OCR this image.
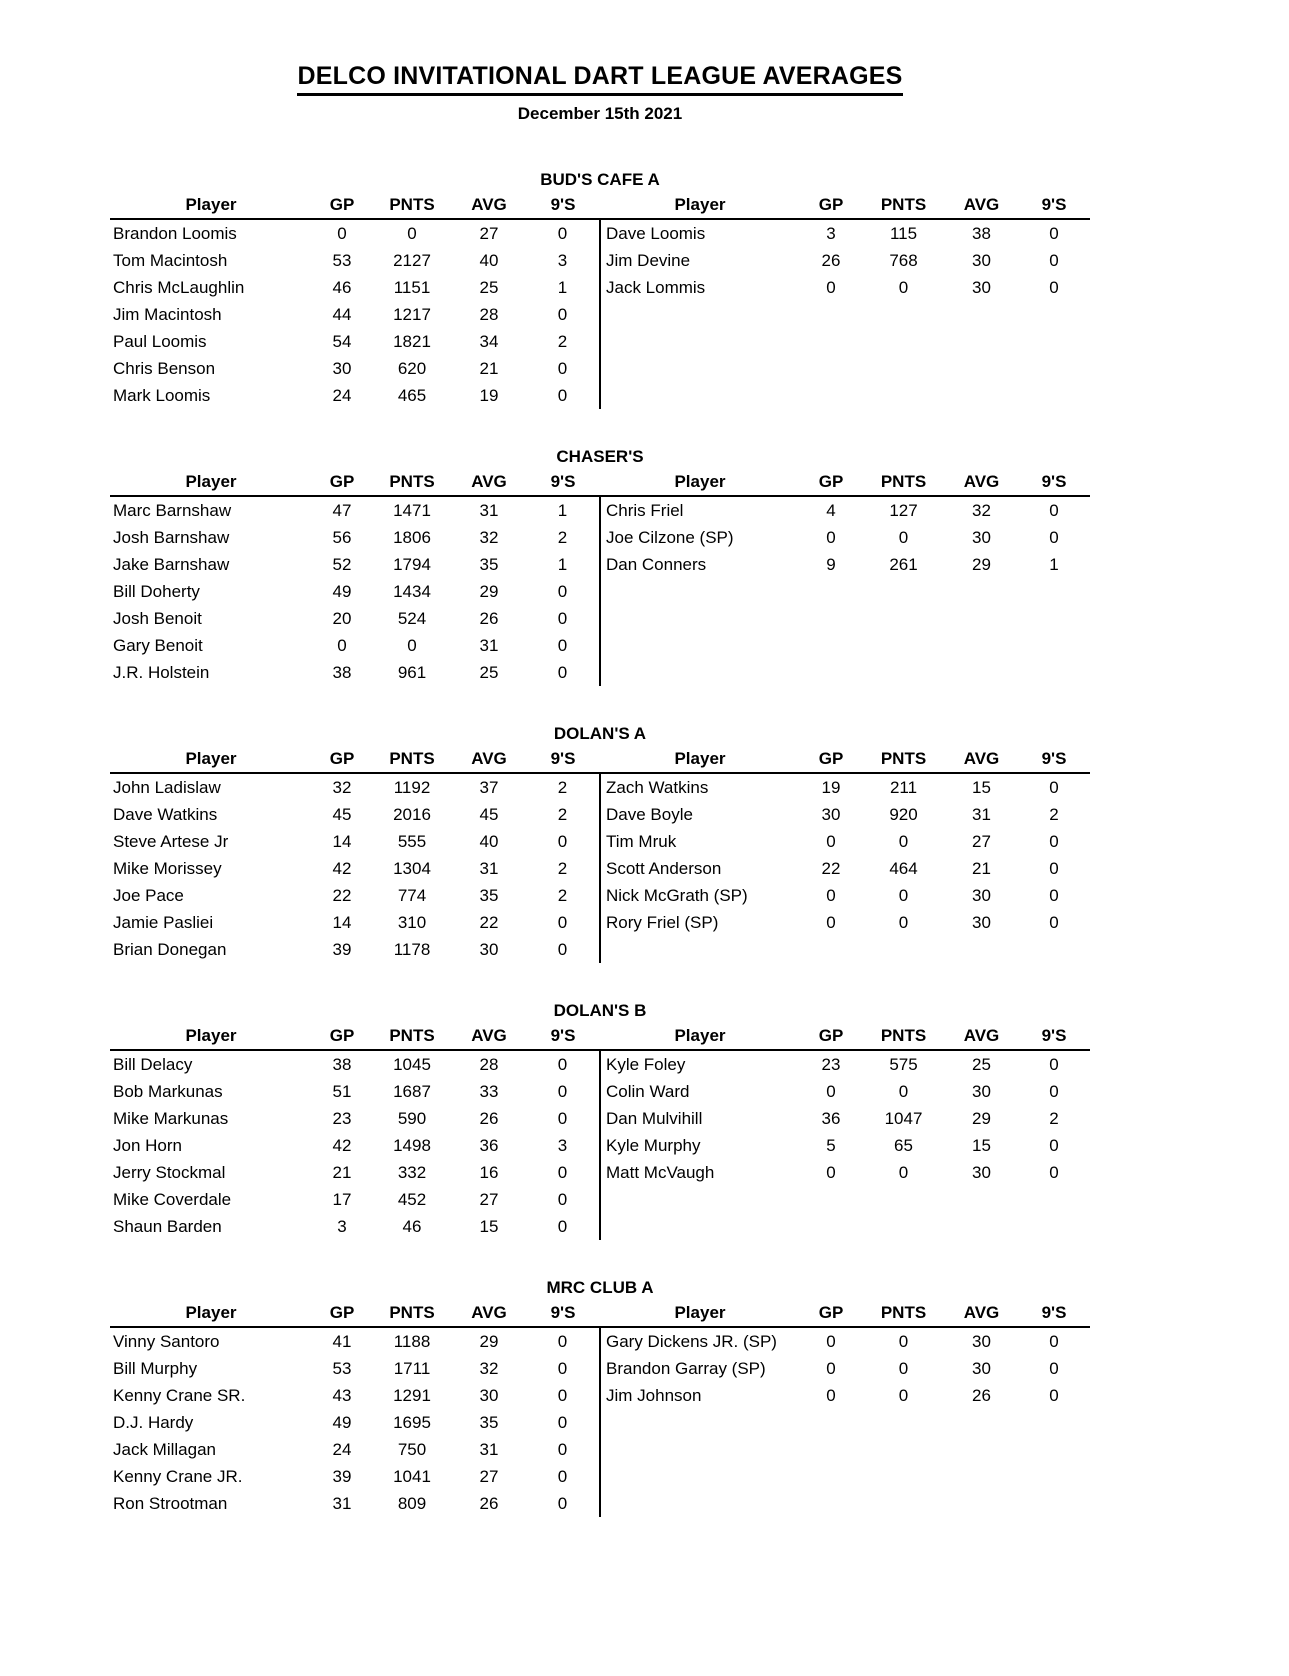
DELCO INVITATIONAL DART LEAGUE AVERAGES
December 15th 2021
BUD'S CAFE A
Player	GP	PNTS	AVG	9'S	Player	GP	PNTS	AVG	9'S
Brandon Loomis	0	0	27	0	Dave Loomis	3	115	38	0
Tom Macintosh	53	2127	40	3	Jim Devine	26	768	30	0
Chris McLaughlin	46	1151	25	1	Jack Lommis	0	0	30	0
Jim Macintosh	44	1217	28	0					
Paul Loomis	54	1821	34	2					
Chris Benson	30	620	21	0					
Mark Loomis	24	465	19	0					
CHASER'S
Player	GP	PNTS	AVG	9'S	Player	GP	PNTS	AVG	9'S
Marc Barnshaw	47	1471	31	1	Chris Friel	4	127	32	0
Josh Barnshaw	56	1806	32	2	Joe Cilzone (SP)	0	0	30	0
Jake Barnshaw	52	1794	35	1	Dan Conners	9	261	29	1
Bill Doherty	49	1434	29	0					
Josh Benoit	20	524	26	0					
Gary Benoit	0	0	31	0					
J.R. Holstein	38	961	25	0					
DOLAN'S A
Player	GP	PNTS	AVG	9'S	Player	GP	PNTS	AVG	9'S
John Ladislaw	32	1192	37	2	Zach Watkins	19	211	15	0
Dave Watkins	45	2016	45	2	Dave Boyle	30	920	31	2
Steve Artese Jr	14	555	40	0	Tim Mruk	0	0	27	0
Mike Morissey	42	1304	31	2	Scott Anderson	22	464	21	0
Joe Pace	22	774	35	2	Nick McGrath (SP)	0	0	30	0
Jamie Pasliei	14	310	22	0	Rory Friel (SP)	0	0	30	0
Brian Donegan	39	1178	30	0					
DOLAN'S B
Player	GP	PNTS	AVG	9'S	Player	GP	PNTS	AVG	9'S
Bill Delacy	38	1045	28	0	Kyle Foley	23	575	25	0
Bob Markunas	51	1687	33	0	Colin Ward	0	0	30	0
Mike Markunas	23	590	26	0	Dan Mulvihill	36	1047	29	2
Jon Horn	42	1498	36	3	Kyle Murphy	5	65	15	0
Jerry Stockmal	21	332	16	0	Matt McVaugh	0	0	30	0
Mike Coverdale	17	452	27	0					
Shaun Barden	3	46	15	0					
MRC CLUB A
Player	GP	PNTS	AVG	9'S	Player	GP	PNTS	AVG	9'S
Vinny Santoro	41	1188	29	0	Gary Dickens JR. (SP)	0	0	30	0
Bill Murphy	53	1711	32	0	Brandon Garray (SP)	0	0	30	0
Kenny Crane SR.	43	1291	30	0	Jim Johnson	0	0	26	0
D.J. Hardy	49	1695	35	0					
Jack Millagan	24	750	31	0					
Kenny Crane JR.	39	1041	27	0					
Ron Strootman	31	809	26	0					
